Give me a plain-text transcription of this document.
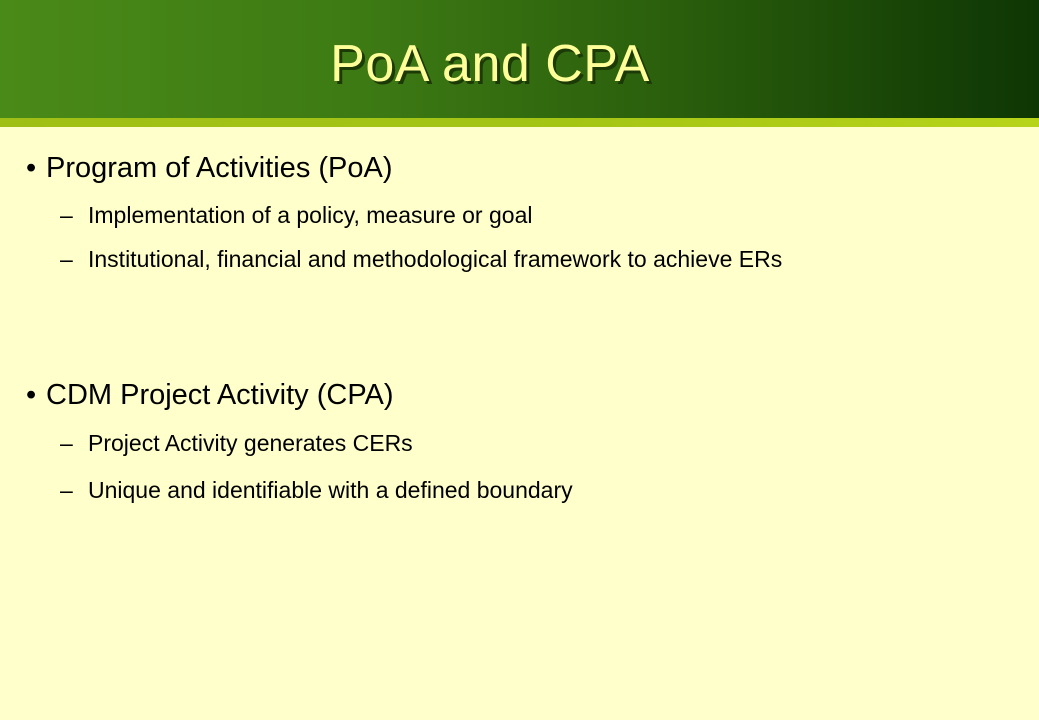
PoA and CPA
• Program of Activities (PoA)
– Implementation of a policy, measure or goal
– Institutional, financial and methodological framework to achieve ERs
• CDM Project Activity (CPA)
– Project Activity generates CERs
– Unique and identifiable with a defined boundary
